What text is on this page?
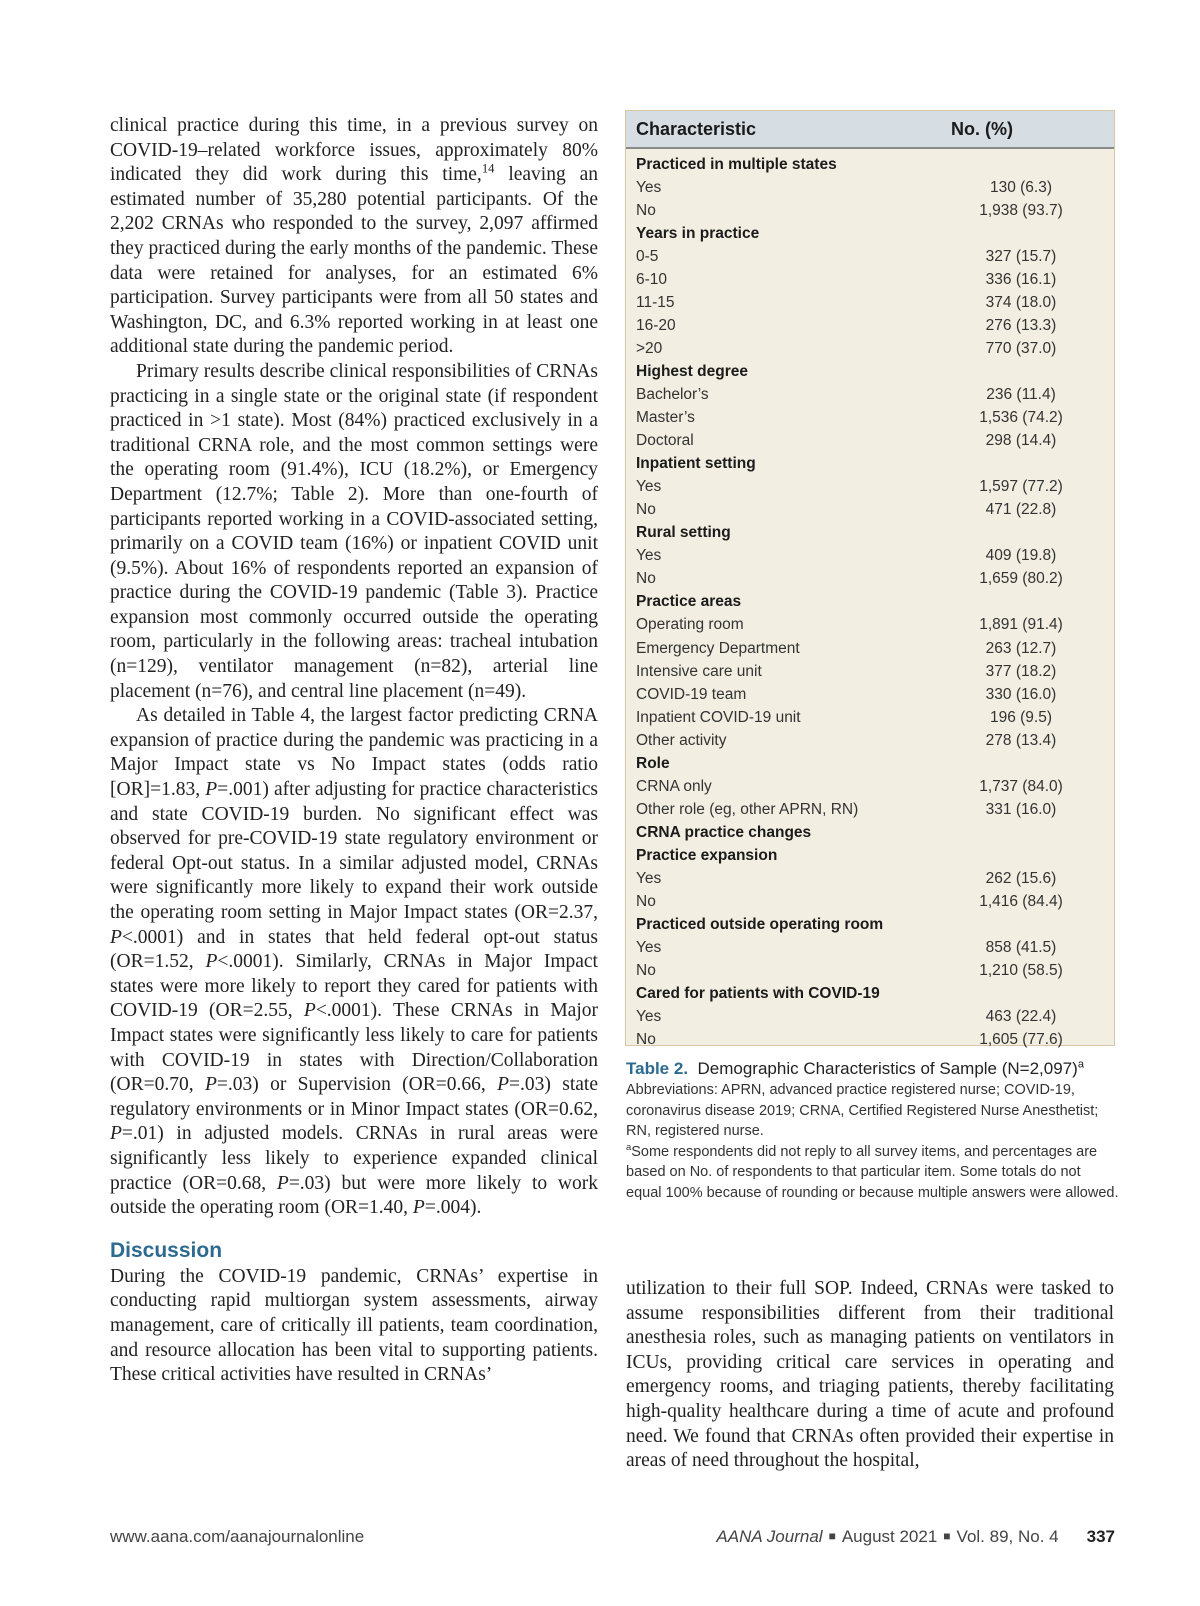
clinical practice during this time, in a previous survey on COVID-19–related workforce issues, approximately 80% indicated they did work during this time,$^{14}$ leaving an estimated number of 35,280 potential participants. Of the 2,202 CRNAs who responded to the survey, 2,097 affirmed they practiced during the early months of the pandemic. These data were retained for analyses, for an estimated 6% participation. Survey participants were from all 50 states and Washington, DC, and 6.3% reported working in at least one additional state during the pandemic period.

Primary results describe clinical responsibilities of CRNAs practicing in a single state or the original state (if respondent practiced in >1 state). Most (84%) practiced exclusively in a traditional CRNA role, and the most common settings were the operating room (91.4%), ICU (18.2%), or Emergency Department (12.7%; Table 2). More than one-fourth of participants reported working in a COVID-associated setting, primarily on a COVID team (16%) or inpatient COVID unit (9.5%). About 16% of respondents reported an expansion of practice during the COVID-19 pandemic (Table 3). Practice expansion most commonly occurred outside the operating room, particularly in the following areas: tracheal intubation (n=129), ventilator management (n=82), arterial line placement (n=76), and central line placement (n=49).

As detailed in Table 4, the largest factor predicting CRNA expansion of practice during the pandemic was practicing in a Major Impact state vs No Impact states (odds ratio [OR]=1.83, P=.001) after adjusting for practice characteristics and state COVID-19 burden. No significant effect was observed for pre-COVID-19 state regulatory environment or federal Opt-out status. In a similar adjusted model, CRNAs were significantly more likely to expand their work outside the operating room setting in Major Impact states (OR=2.37, P<.0001) and in states that held federal opt-out status (OR=1.52, P<.0001). Similarly, CRNAs in Major Impact states were more likely to report they cared for patients with COVID-19 (OR=2.55, P<.0001). These CRNAs in Major Impact states were significantly less likely to care for patients with COVID-19 in states with Direction/Collaboration (OR=0.70, P=.03) or Supervision (OR=0.66, P=.03) state regulatory environments or in Minor Impact states (OR=0.62, P=.01) in adjusted models. CRNAs in rural areas were significantly less likely to experience expanded clinical practice (OR=0.68, P=.03) but were more likely to work outside the operating room (OR=1.40, P=.004).

Discussion

During the COVID-19 pandemic, CRNAs’ expertise in conducting rapid multiorgan system assessments, airway management, care of critically ill patients, team coordination, and resource allocation has been vital to supporting patients. These critical activities have resulted in CRNAs’

Characteristic	No. (%)
Practiced in multiple states
Yes	130 (6.3)
No	1,938 (93.7)
Years in practice
0-5	327 (15.7)
6-10	336 (16.1)
11-15	374 (18.0)
16-20	276 (13.3)
>20	770 (37.0)
Highest degree
Bachelor’s	236 (11.4)
Master’s	1,536 (74.2)
Doctoral	298 (14.4)
Inpatient setting
Yes	1,597 (77.2)
No	471 (22.8)
Rural setting
Yes	409 (19.8)
No	1,659 (80.2)
Practice areas
Operating room	1,891 (91.4)
Emergency Department	263 (12.7)
Intensive care unit	377 (18.2)
COVID-19 team	330 (16.0)
Inpatient COVID-19 unit	196 (9.5)
Other activity	278 (13.4)
Role
CRNA only	1,737 (84.0)
Other role (eg, other APRN, RN)	331 (16.0)
CRNA practice changes
Practice expansion
Yes	262 (15.6)
No	1,416 (84.4)
Practiced outside operating room
Yes	858 (41.5)
No	1,210 (58.5)
Cared for patients with COVID-19
Yes	463 (22.4)
No	1,605 (77.6)

Table 2. Demographic Characteristics of Sample (N=2,097)$^a$

Abbreviations: APRN, advanced practice registered nurse; COVID-19, coronavirus disease 2019; CRNA, Certified Registered Nurse Anesthetist; RN, registered nurse.

$^a$Some respondents did not reply to all survey items, and percentages are based on No. of respondents to that particular item. Some totals do not equal 100% because of rounding or because multiple answers were allowed.

utilization to their full SOP. Indeed, CRNAs were tasked to assume responsibilities different from their traditional anesthesia roles, such as managing patients on ventilators in ICUs, providing critical care services in operating and emergency rooms, and triaging patients, thereby facilitating high-quality healthcare during a time of acute and profound need. We found that CRNAs often provided their expertise in areas of need throughout the hospital,

www.aana.com/aanajournalonline	AANA Journal ■ August 2021 ■ Vol. 89, No. 4 337
